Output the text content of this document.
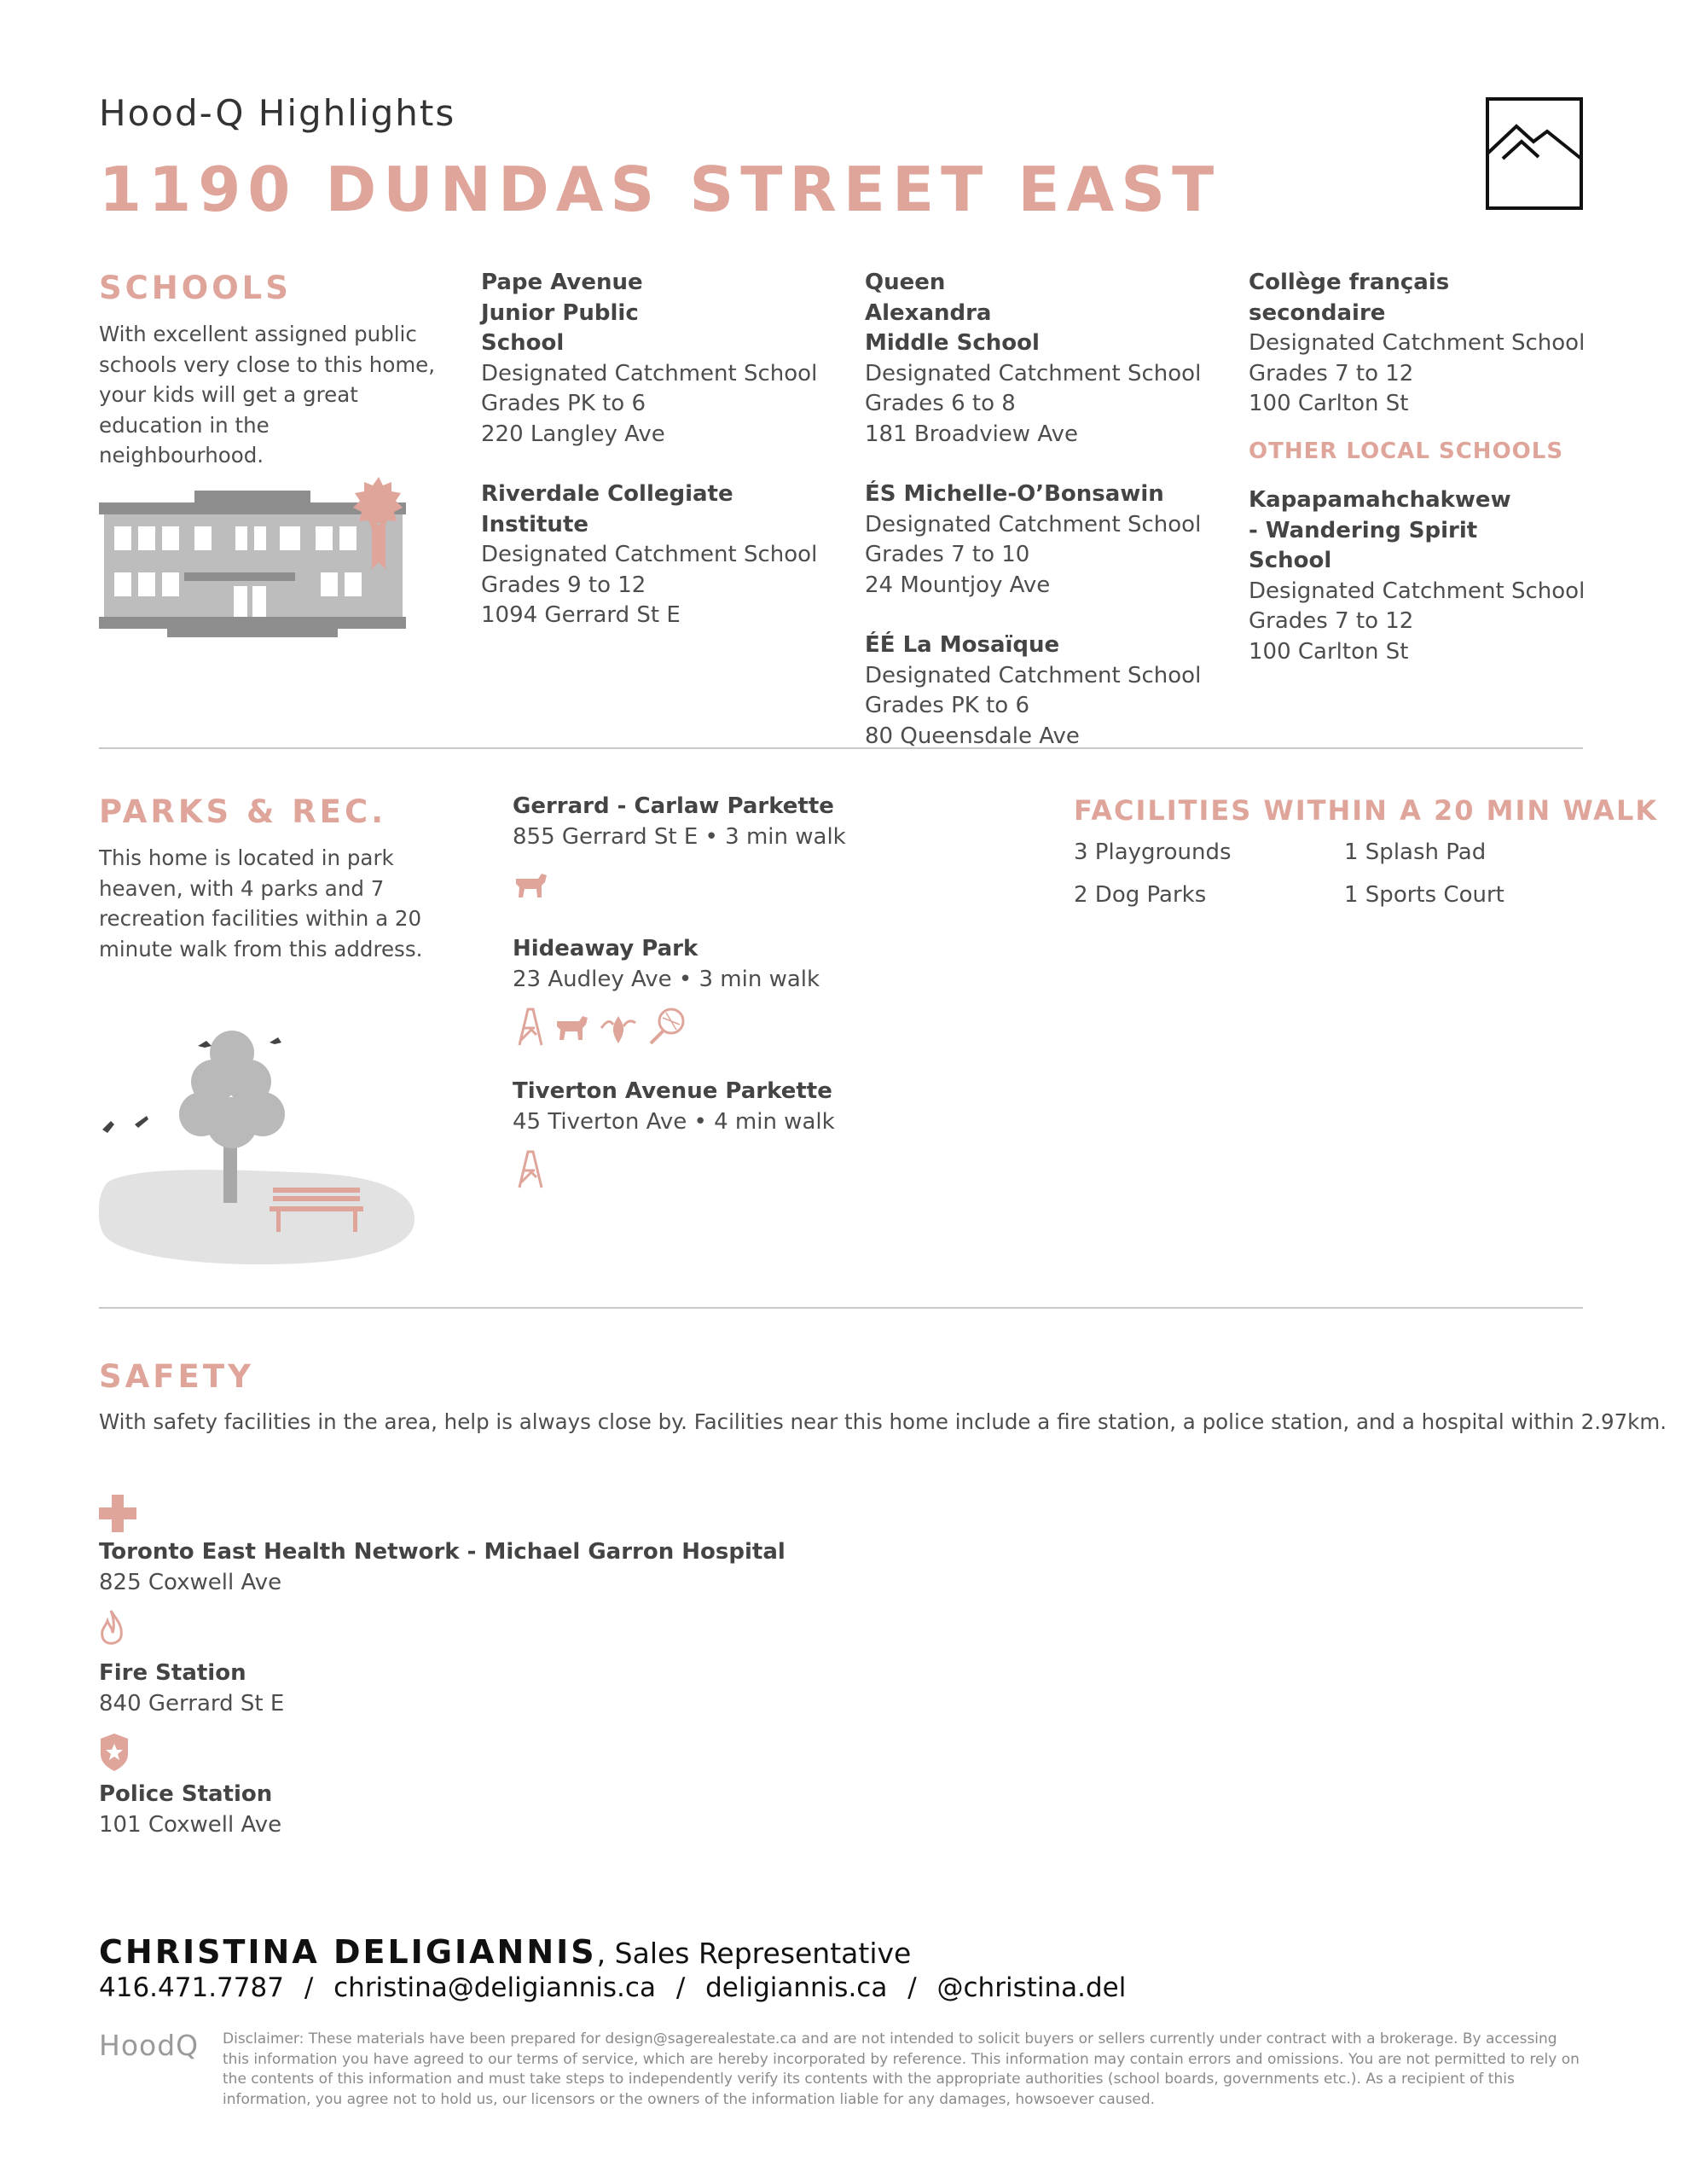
Hood-Q Highlights
1190 DUNDAS STREET EAST
SCHOOLS
With excellent assigned public schools very close to this home, your kids will get a great education in the neighbourhood.
Pape Avenue Junior Public School
Designated Catchment School
Grades PK to 6
220 Langley Ave
Riverdale Collegiate Institute
Designated Catchment School
Grades 9 to 12
1094 Gerrard St E
Queen Alexandra Middle School
Designated Catchment School
Grades 6 to 8
181 Broadview Ave
ÉS Michelle-O’Bonsawin
Designated Catchment School
Grades 7 to 10
24 Mountjoy Ave
ÉÉ La Mosaïque
Designated Catchment School
Grades PK to 6
80 Queensdale Ave
Collège français secondaire
Designated Catchment School
Grades 7 to 12
100 Carlton St
OTHER LOCAL SCHOOLS
Kapapamahchakwew - Wandering Spirit School
Designated Catchment School
Grades 7 to 12
100 Carlton St
PARKS & REC.
This home is located in park heaven, with 4 parks and 7 recreation facilities within a 20 minute walk from this address.
Gerrard - Carlaw Parkette
855 Gerrard St E • 3 min walk
Hideaway Park
23 Audley Ave • 3 min walk
Tiverton Avenue Parkette
45 Tiverton Ave • 4 min walk
FACILITIES WITHIN A 20 MIN WALK
3 Playgrounds	1 Splash Pad
2 Dog Parks	1 Sports Court
SAFETY
With safety facilities in the area, help is always close by. Facilities near this home include a fire station, a police station, and a hospital within 2.97km.
Toronto East Health Network - Michael Garron Hospital
825 Coxwell Ave
Fire Station
840 Gerrard St E
Police Station
101 Coxwell Ave
CHRISTINA DELIGIANNIS, Sales Representative
416.471.7787 / christina@deligiannis.ca / deligiannis.ca / @christina.del
HoodQ Disclaimer: These materials have been prepared for design@sagerealestate.ca and are not intended to solicit buyers or sellers currently under contract with a brokerage. By accessing this information you have agreed to our terms of service, which are hereby incorporated by reference. This information may contain errors and omissions. You are not permitted to rely on the contents of this information and must take steps to independently verify its contents with the appropriate authorities (school boards, governments etc.). As a recipient of this information, you agree not to hold us, our licensors or the owners of the information liable for any damages, howsoever caused.
